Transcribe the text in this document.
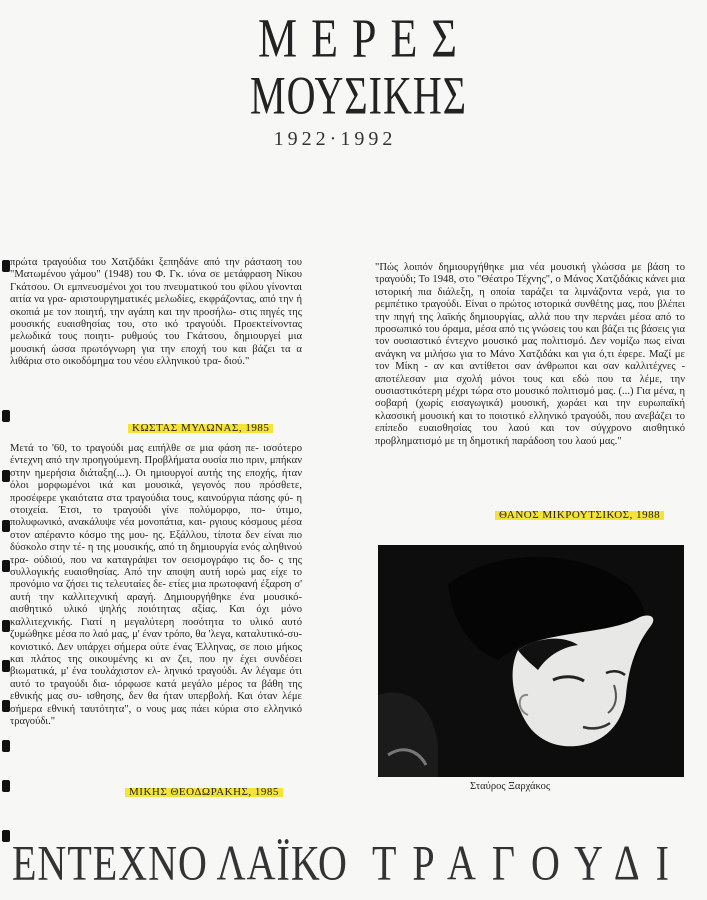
ΜΕΡΕΣ
ΜΟΥΣΙΚΗΣ
1922·1992
πρώτα τραγούδια του Χατζιδάκι ξεπηδάνε από την ράσταση του "Ματωμένου γάμου" (1948) του Φ. Γκ. ιόνα σε μετάφραση Νίκου Γκάτσου. Οι εμπνευσμένοι χοι του πνευματικού του φίλου γίνονται αιτία να γρα- αριστουργηματικές μελωδίες, εκφράζοντας, από την ή σκοπιά με τον ποιητή, την αγάπη και την προσήλω- στις πηγές της μουσικής ευαισθησίας του, στο ικό τραγούδι. Προεκτείνοντας μελωδικά τους ποιητι- ρυθμούς του Γκάτσου, δημιουργεί μια μουσική ώσσα πρωτόγνωρη για την εποχή του και βάζει τα α λιθάρια στο οικοδόμημα του νέου ελληνικού τρα- διού."
ΚΩΣΤΑΣ ΜΥΛΩΝΑΣ, 1985
Μετά το '60, το τραγούδι μας ειπήλθε σε μια φάση πε- ισσότερο έντεχνη από την προηγούμενη. Προβλήματα ουσία πιο πριν, μπήκαν στην ημερήσια διάταξη(...). Οι ημιουργοί αυτής της εποχής, ήταν όλοι μορφωμένοι ικά και μουσικά, γεγονός που πρόσθετε, προσέφερε γκαιότατα στα τραγούδια τους, καινούργια πάσης φύ- η στοιχεία. Έτσι, το τραγούδι γίνε πολύμορφο, πο- ύτιμο, πολυφωνικό, ανακάλυψε νέα μονοπάτια, και- ργιους κόσμους μέσα στον απέραντο κόσμο της μου- ης. Εξάλλου, τίποτα δεν είναι πιο δύσκολο στην τέ- η της μουσικής, από τη δημιουργία ενός αληθινού τρα- ούδιού, που να καταγράψει τον σεισμογράφο τις δο- ς της συλλογικής ευαισθησίας. Από την αποψη αυτή ιορώ μας είχε το προνόμιο να ζήσει τις τελευταίες δε- ετίες μια πρωτοφανή έξαρση σ' αυτή την καλλιτεχνική αραγή. Δημιουργήθηκε ένα μουσικό-αισθητικό υλικό ψηλής ποιότητας αξίας. Και όχι μόνο καλλιτεχνικής. Γιατί η μεγαλύτερη ποσότητα το υλικό αυτό ζυμώθηκε μέσα πο λαό μας, μ' έναν τρόπο, θα 'λεγα, καταλυτικό-συ- κονιστικό. Δεν υπάρχει σήμερα ούτε ένας Έλληνας, σε ποιο μήκος και πλάτος της οικουμένης κι αν ζει, που ην έχει συνδέσει βιωματικά, μ' ένα τουλάχιστον ελ- ληνικό τραγούδι. Αν λέγαμε ότι αυτό το τραγούδι δια- ιόρφωσε κατά μεγάλο μέρος τα βάθη της εθνικής μας συ- ισθησης, δεν θα ήταν υπερβολή. Και όταν λέμε σήμερα εθνική ταυτότητα", ο νους μας πάει κύρια στο ελληνικό τραγούδι."
ΜΙΚΗΣ ΘΕΟΔΩΡΑΚΗΣ, 1985
"Πώς λοιπόν δημιουργήθηκε μια νέα μουσική γλώσσα με βάση το τραγούδι; Το 1948, στο "Θέατρο Τέχνης", ο Μάνος Χατζιδάκις κάνει μια ιστορική πια διάλεξη, η οποία ταράζει τα λιμνάζοντα νερά, για το ρεμπέτικο τραγούδι. Είναι ο πρώτος ιστορικά συνθέτης μας, που βλέπει την πηγή της λαϊκής δημιουργίας, αλλά που την περνάει μέσα από το προσωπικό του όραμα, μέσα από τις γνώσεις του και βάζει τις βάσεις για τον ουσιαστικό έντεχνο μουσικό μας πολιτισμό. Δεν νομίζω πως είναι ανάγκη να μιλήσω για το Μάνο Χατζιδάκι και για ό,τι έφερε. Μαζί με τον Μίκη - αν και αντίθετοι σαν άνθρωποι και σαν καλλιτέχνες - αποτέλεσαν μια σχολή μόνοι τους και εδώ που τα λέμε, την ουσιαστικότερη μέχρι τώρα στο μουσικό πολιτισμό μας. (...) Για μένα, η σοβαρή (χωρίς εισαγωγικά) μουσική, χωράει και την ευρωπαϊκή κλασσική μουσική και το ποιοτικό ελληνικό τραγούδι, που ανεβάζει το επίπεδο ευαισθησίας του λαού και τον σύγχρονο αισθητικό προβληματισμό με τη δημοτική παράδοση του λαού μας."
ΘΑΝΟΣ ΜΙΚΡΟΥΤΣΙΚΟΣ, 1988
Σταύρος Ξαρχάκος
ΕΝΤΕΧΝΟ ΛΑΪΚΟ ΤΡΑΓΟΥΔΙ
